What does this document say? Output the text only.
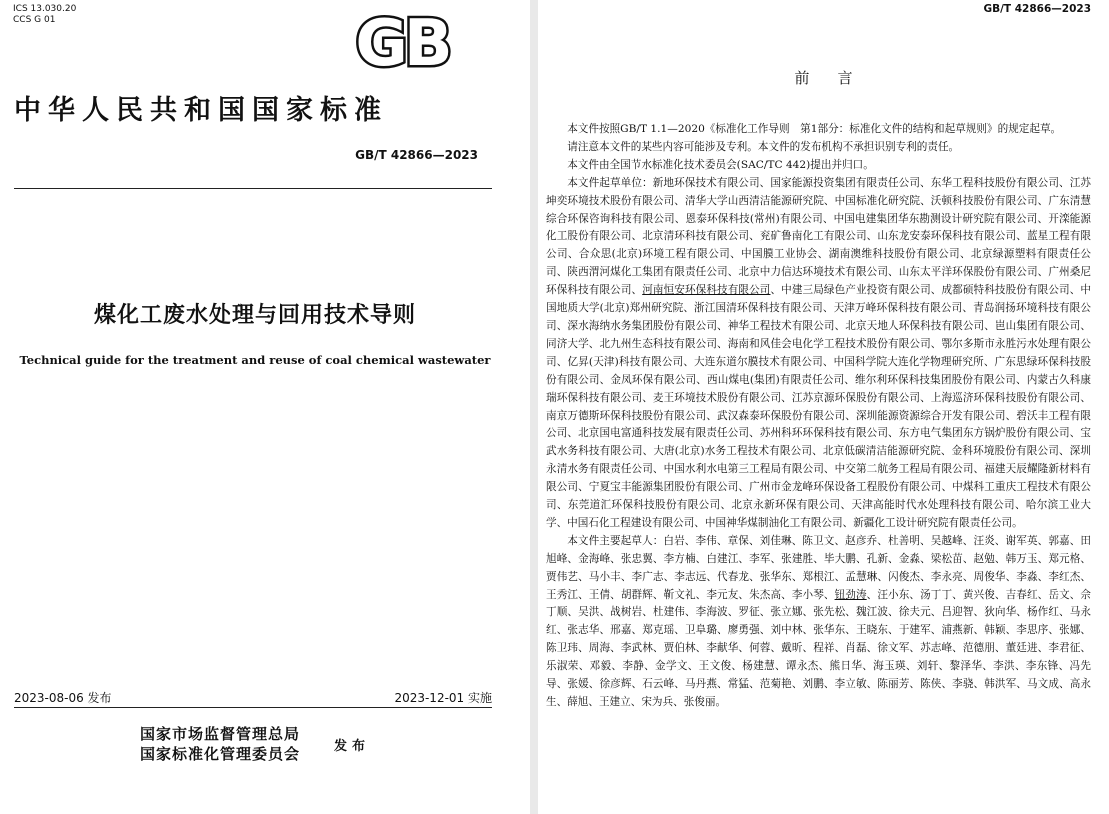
ICS 13.030.20
CCS G 01	GB
中华人民共和国国家标准
GB/T 42866—2023
煤化工废水处理与回用技术导则
Technical guide for the treatment and reuse of coal chemical wastewater
2023-08-06 发布	2023-12-01 实施
国家市场监督管理总局
国家标准化管理委员会	发布
GB/T 42866—2023
前言

本文件按照GB/T 1.1—2020《标准化工作导则　第1部分：标准化文件的结构和起草规则》的规定起草。

请注意本文件的某些内容可能涉及专利。本文件的发布机构不承担识别专利的责任。

本文件由全国节水标准化技术委员会(SAC/TC 442)提出并归口。

本文件起草单位：新地环保技术有限公司、国家能源投资集团有限责任公司、东华工程科技股份有限公司、江苏坤奕环境技术股份有限公司、清华大学山西清洁能源研究院、中国标准化研究院、沃顿科技股份有限公司、广东清慧综合环保咨询科技有限公司、恩泰环保科技(常州)有限公司、中国电建集团华东勘测设计研究院有限公司、开滦能源化工股份有限公司、北京清环科技有限公司、兖矿鲁南化工有限公司、山东龙安泰环保科技有限公司、蓝星工程有限公司、合众思(北京)环境工程有限公司、中国膜工业协会、湖南澳维科技股份有限公司、北京绿源塑料有限责任公司、陕西渭河煤化工集团有限责任公司、北京中力信达环境技术有限公司、山东太平洋环保股份有限公司、广州桑尼环保科技有限公司、河南恒安环保科技有限公司、中建三局绿色产业投资有限公司、成都硕特科技股份有限公司、中国地质大学(北京)郑州研究院、浙江国清环保科技有限公司、天津万峰环保科技有限公司、青岛润扬环境科技有限公司、深水海纳水务集团股份有限公司、神华工程技术有限公司、北京天地人环保科技有限公司、岜山集团有限公司、同济大学、北九州生态科技有限公司、海南和风佳会电化学工程技术股份有限公司、鄂尔多斯市永胜污水处理有限公司、亿昇(天津)科技有限公司、大连东道尔膜技术有限公司、中国科学院大连化学物理研究所、广东思绿环保科技股份有限公司、金凤环保有限公司、西山煤电(集团)有限责任公司、维尔利环保科技集团股份有限公司、内蒙古久科康瑞环保科技有限公司、麦王环境技术股份有限公司、江苏京源环保股份有限公司、上海巡济环保科技股份有限公司、南京万德斯环保科技股份有限公司、武汉森泰环保股份有限公司、深圳能源资源综合开发有限公司、碧沃丰工程有限公司、北京国电富通科技发展有限责任公司、苏州科环环保科技有限公司、东方电气集团东方锅炉股份有限公司、宝武水务科技有限公司、大唐(北京)水务工程技术有限公司、北京低碳清洁能源研究院、金科环境股份有限公司、深圳永清水务有限责任公司、中国水利水电第三工程局有限公司、中交第二航务工程局有限公司、福建天辰耀隆新材料有限公司、宁夏宝丰能源集团股份有限公司、广州市金龙峰环保设备工程股份有限公司、中煤科工重庆工程技术有限公司、东莞道汇环保科技股份有限公司、北京永新环保有限公司、天津高能时代水处理科技有限公司、哈尔滨工业大学、中国石化工程建设有限公司、中国神华煤制油化工有限公司、新疆化工设计研究院有限责任公司。

本文件主要起草人：白岩、李伟、章保、刘佳琳、陈卫文、赵彦乔、杜善明、吴越峰、汪炎、谢军英、郭嘉、田旭峰、金海峰、张忠翼、李方楠、白建江、李军、张建胜、毕大鹏、孔新、金淼、梁松苗、赵勉、韩万玉、郑元格、贾伟艺、马小丰、李广志、李志远、代春龙、张华东、郑根江、孟慧琳、闪俊杰、李永亮、周俊华、李淼、李红杰、王秀江、王倩、胡群辉、靳文礼、李元友、朱杰高、李小琴、钮劲涛、汪小东、汤丁丁、黄兴俊、吉春红、岳文、佘丁顺、吴洪、战树岩、杜建伟、李海波、罗征、张立娜、张先松、魏江波、徐夫元、吕迎智、狄向华、杨作红、马永红、张志华、邢嘉、郑克瑶、卫阜璐、廖勇强、刘中林、张华东、王晓东、于建军、浦燕新、韩颖、李思序、张娜、陈卫玮、周海、李武林、贾伯林、李献华、何蓉、戴昕、程祥、肖磊、徐文军、苏志峰、范德朋、董廷进、李君征、乐淑荣、邓毅、李静、金学文、王文俊、杨建慧、谭永杰、熊日华、海玉瑛、刘轩、黎泽华、李洪、李东锋、冯先导、张媛、徐彦辉、石云峰、马丹燕、常猛、范菊艳、刘鹏、李立敏、陈丽芳、陈侠、李骁、韩洪军、马文成、高永生、薛旭、王建立、宋为兵、张俊丽。
